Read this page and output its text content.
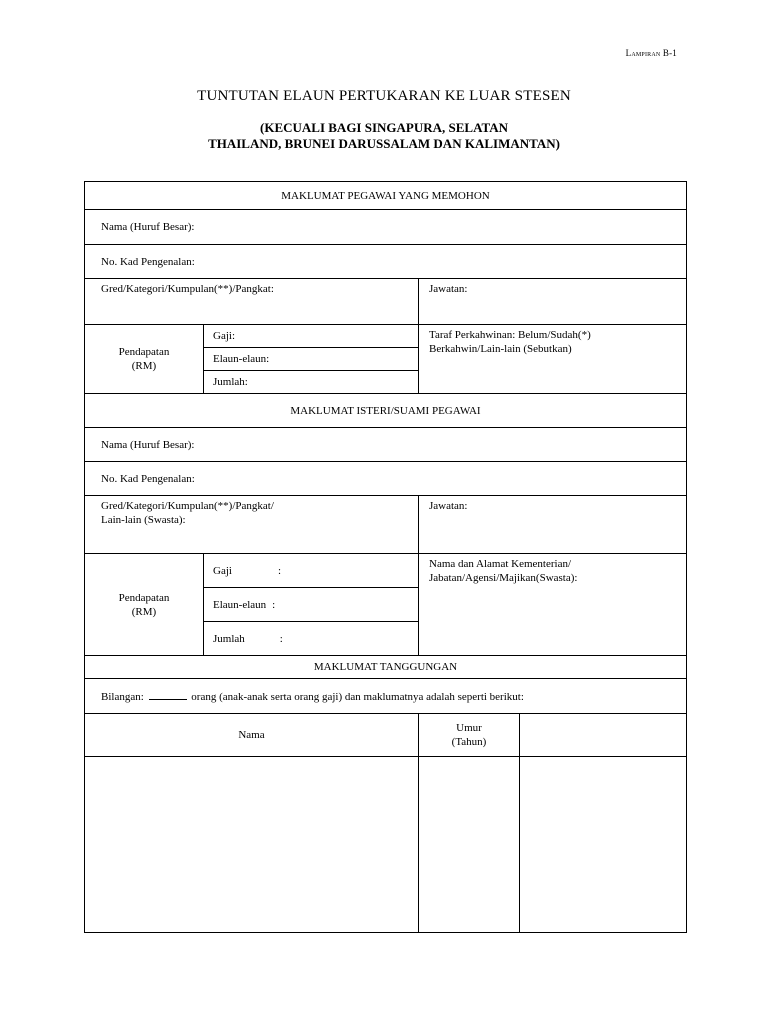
Lampiran B-1
TUNTUTAN ELAUN PERTUKARAN KE LUAR STESEN
(KECUALI BAGI SINGAPURA, SELATAN
THAILAND, BRUNEI DARUSSALAM DAN KALIMANTAN)
MAKLUMAT PEGAWAI YANG MEMOHON			
Nama (Huruf Besar):			
No. Kad Pengenalan:			
Gred/Kategori/Kumpulan(**)/Pangkat:		Jawatan:	

Pendapatan
(RM)	Gaji:	Taraf Perkahwinan: Belum/Sudah(*)
Berkahwin/Lain-lain (Sebutkan)	

	Elaun-elaun:		
	Jumlah:		
MAKLUMAT ISTERI/SUAMI PEGAWAI			
Nama (Huruf Besar):			
No. Kad Pengenalan:			

Gred/Kategori/Kumpulan(**)/Pangkat/
Lain-lain (Swasta):		Jawatan:	

Pendapatan
(RM)	Gaji :	Nama dan Alamat Kementerian/
Jabatan/Agensi/Majikan(Swasta):	

	Elaun-elaun :		
	Jumlah :		
MAKLUMAT TANGGUNGAN			
Bilangan: orang (anak-anak serta orang gaji) dan maklumatnya adalah seperti berikut:			
Nama		Umur
(Tahun)	
